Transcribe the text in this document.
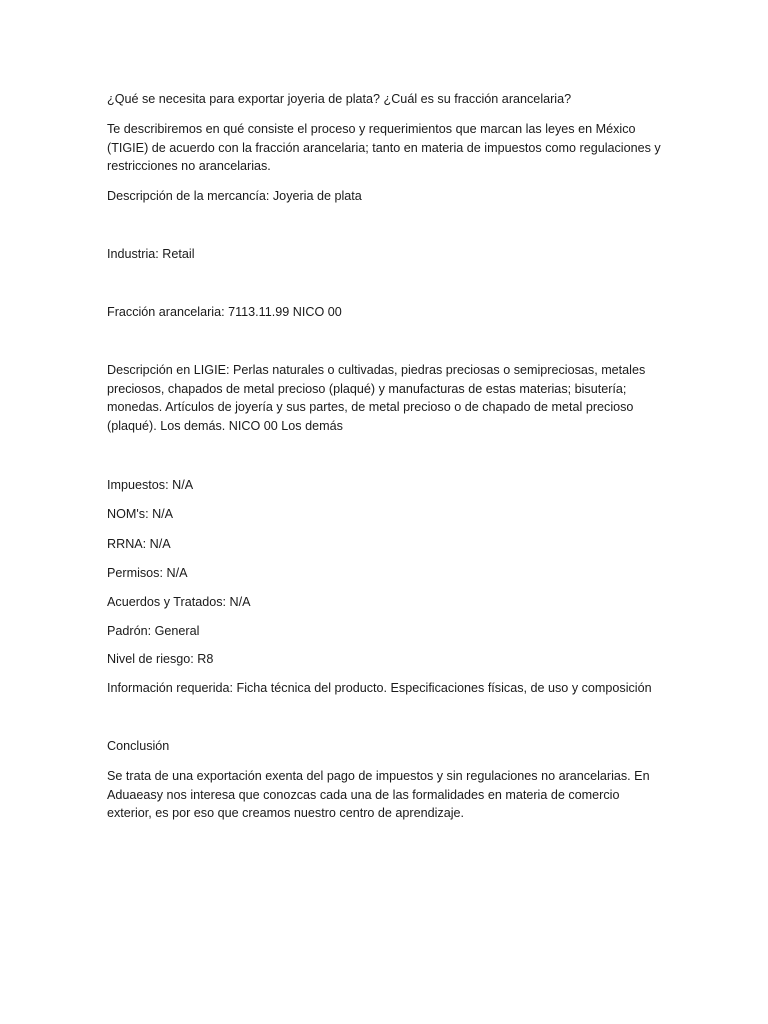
¿Qué se necesita para exportar joyeria de plata? ¿Cuál es su fracción arancelaria?

Te describiremos en qué consiste el proceso y requerimientos que marcan las leyes en México (TIGIE) de acuerdo con la fracción arancelaria; tanto en materia de impuestos como regulaciones y restricciones no arancelarias.

Descripción de la mercancía: Joyeria de plata

Industria: Retail

Fracción arancelaria: 7113.11.99 NICO 00

Descripción en LIGIE: Perlas naturales o cultivadas, piedras preciosas o semipreciosas, metales preciosos, chapados de metal precioso (plaqué) y manufacturas de estas materias; bisutería; monedas. Artículos de joyería y sus partes, de metal precioso o de chapado de metal precioso (plaqué). Los demás. NICO 00 Los demás

Impuestos: N/A

NOM's: N/A

RRNA: N/A

Permisos: N/A

Acuerdos y Tratados: N/A

Padrón: General

Nivel de riesgo: R8

Información requerida: Ficha técnica del producto. Especificaciones físicas, de uso y composición

Conclusión

Se trata de una exportación exenta del pago de impuestos y sin regulaciones no arancelarias. En Aduaeasy nos interesa que conozcas cada una de las formalidades en materia de comercio exterior, es por eso que creamos nuestro centro de aprendizaje.
